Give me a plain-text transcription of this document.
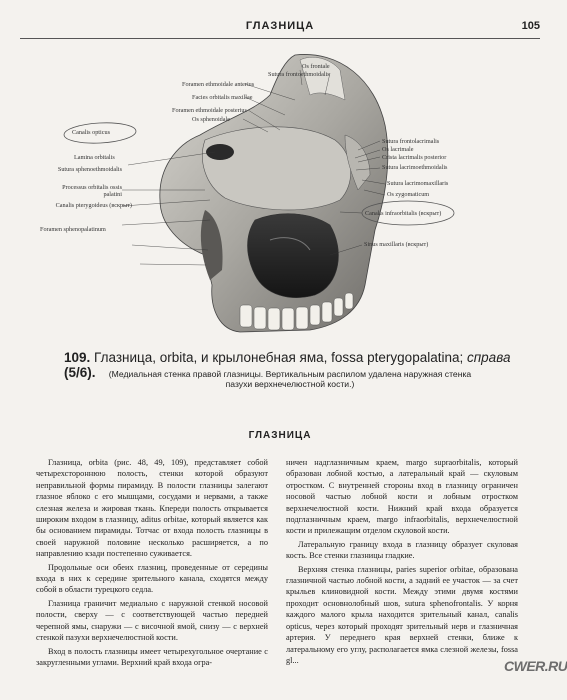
ГЛАЗНИЦА	105
Sutura frontoethmoidalis
Os frontale
Foramen ethmoidale anterius
Facies orbitalis maxillae
Foramen ethmoidale posterius
Os sphenoidale
Canalis opticus
Lamina orbitalis
Sutura sphenoethmoidalis
Processus orbitalis ossis palatini
Canalis pterygoideus (вскрыт)
Foramen sphenopalatinum
Sutura frontolacrimalis
Os lacrimale
Crista lacrimalis posterior
Sutura lacrimoethmoidalis
Sutura lacrimomaxillaris
Os zygomaticum
Canalis infraorbitalis (вскрыт)
Sinus maxillaris (вскрыт)
109. Глазница, orbita, и крылонебная ямa, fossa pterygopalatina; справа (5/6).	(Медиальная стенка правой глазницы. Вертикальным распилом удалена наружная стенка
пазухи верхнечелюстной кости.)
ГЛАЗНИЦА

Глазница, orbita (рис. 48, 49, 109), представляет собой четырехстороннюю полость, стенки которой образуют неправильной формы пирамиду. В полости глазницы залегают глазное яблоко с его мышцами, сосудами и нервами, а также слезная железа и жировая ткань. Кпереди полость открывается широким входом в глазницу, aditus orbitae, который является как бы основанием пирамиды. Тотчас от входа полость глазницы в своей наружной половине несколько расширяется, а по направлению кзади постепенно суживается.

Продольные оси обеих глазниц, проведенные от середины входа в них к середине зрительного канала, сходятся между собой в области турецкого седла.

Глазница граничит медиально с наружной стенкой носовой полости, сверху — с соответствующей частью передней черепной ямы, снаружи — с височной ямой, снизу — с верхней стенкой пазухи верхнечелюстной кости.

Вход в полость глазницы имеет четырехугольное очертание с закругленными углами. Верхний край входа огра-

ничен надглазничным краем, margo supraorbitalis, который образован лобной костью, а латеральный край — скуловым отростком. С внутренней стороны вход в глазницу ограничен носовой частью лобной кости и лобным отростком верхнечелюстной кости. Нижний край входа образуется подглазничным краем, margo infraorbitalis, верхнечелюстной кости и прилежащим отделом скуловой кости.

Латеральную границу входа в глазницу образует скуловая кость. Все стенки глазницы гладкие.

Верхняя стенка глазницы, paries superior orbitae, образована глазничной частью лобной кости, а задний ее участок — за счет крыльев клиновидной кости. Между этими двумя костями проходит основнолобный шов, sutura sphenofrontalis. У корня каждого малого крыла находится зрительный канал, canalis opticus, через который проходят зрительный нерв и глазничная артерия. У переднего края верхней стенки, ближе к латеральному его углу, располагается ямка слезной железы, fossa gl...	CWER.RU
